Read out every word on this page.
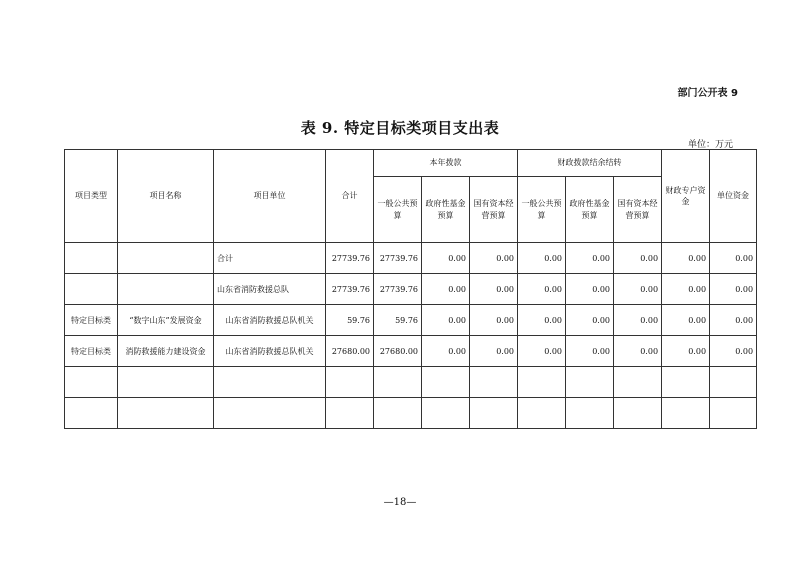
部门公开表 9
表 9. 特定目标类项目支出表
单位：万元
项目类型	项目名称	项目单位	合计	本年拨款			财政拨款结余结转			财政专户资金	单位资金
				一般公共预算	政府性基金预算	国有资本经营预算	一般公共预算	政府性基金预算	国有资本经营预算		
		合计	27739.76	27739.76	0.00	0.00	0.00	0.00	0.00	0.00	0.00
		山东省消防救援总队	27739.76	27739.76	0.00	0.00	0.00	0.00	0.00	0.00	0.00
特定目标类	“数字山东”发展资金	山东省消防救援总队机关	59.76	59.76	0.00	0.00	0.00	0.00	0.00	0.00	0.00
特定目标类	消防救援能力建设资金	山东省消防救援总队机关	27680.00	27680.00	0.00	0.00	0.00	0.00	0.00	0.00	0.00

—18—
